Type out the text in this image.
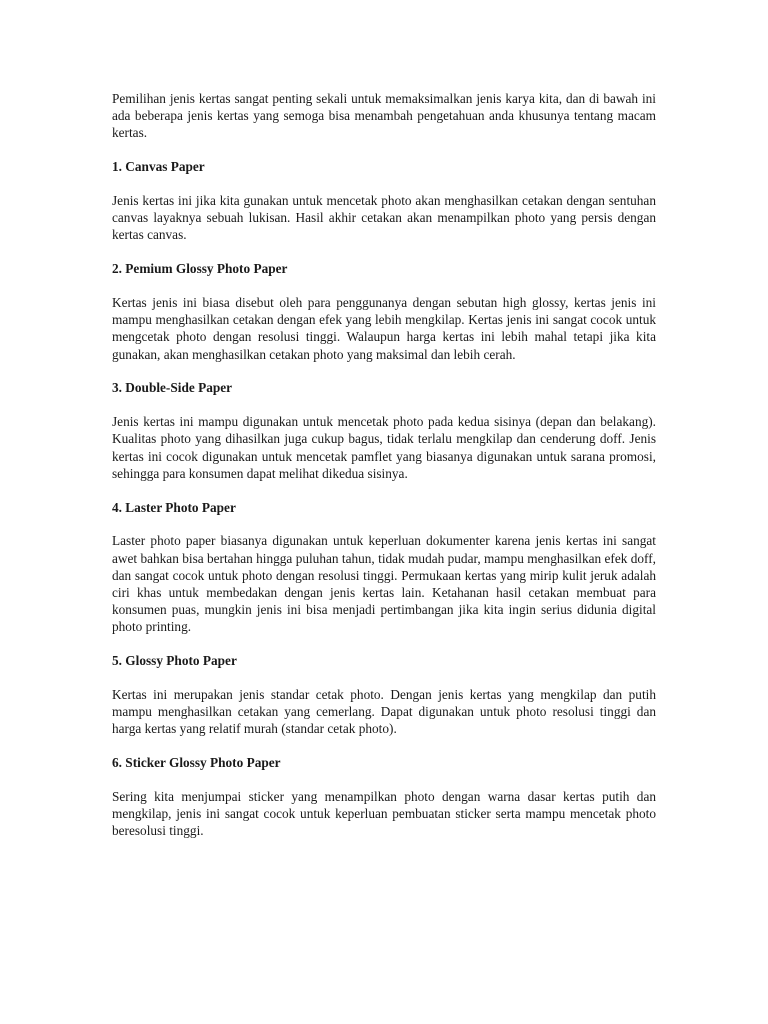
Pemilihan jenis kertas sangat penting sekali untuk memaksimalkan jenis karya kita, dan di bawah ini ada beberapa jenis kertas yang semoga bisa menambah pengetahuan anda khusunya tentang macam kertas.

1. Canvas Paper

Jenis kertas ini jika kita gunakan untuk mencetak photo akan menghasilkan cetakan dengan sentuhan canvas layaknya sebuah lukisan. Hasil akhir cetakan akan menampilkan photo yang persis dengan kertas canvas.

2. Pemium Glossy Photo Paper

Kertas jenis ini biasa disebut oleh para penggunanya dengan sebutan high glossy, kertas jenis ini mampu menghasilkan cetakan dengan efek yang lebih mengkilap. Kertas jenis ini sangat cocok untuk mengcetak photo dengan resolusi tinggi. Walaupun harga kertas ini lebih mahal tetapi jika kita gunakan, akan menghasilkan cetakan photo yang maksimal dan lebih cerah.

3. Double-Side Paper

Jenis kertas ini mampu digunakan untuk mencetak photo pada kedua sisinya (depan dan belakang). Kualitas photo yang dihasilkan juga cukup bagus, tidak terlalu mengkilap dan cenderung doff. Jenis kertas ini cocok digunakan untuk mencetak pamflet yang biasanya digunakan untuk sarana promosi, sehingga para konsumen dapat melihat dikedua sisinya.

4. Laster Photo Paper

Laster photo paper biasanya digunakan untuk keperluan dokumenter karena jenis kertas ini sangat awet bahkan bisa bertahan hingga puluhan tahun, tidak mudah pudar, mampu menghasilkan efek doff, dan sangat cocok untuk photo dengan resolusi tinggi. Permukaan kertas yang mirip kulit jeruk adalah ciri khas untuk membedakan dengan jenis kertas lain. Ketahanan hasil cetakan membuat para konsumen puas, mungkin jenis ini bisa menjadi pertimbangan jika kita ingin serius didunia digital photo printing.

5. Glossy Photo Paper

Kertas ini merupakan jenis standar cetak photo. Dengan jenis kertas yang mengkilap dan putih mampu menghasilkan cetakan yang cemerlang. Dapat digunakan untuk photo resolusi tinggi dan harga kertas yang relatif murah (standar cetak photo).

6. Sticker Glossy Photo Paper

Sering kita menjumpai sticker yang menampilkan photo dengan warna dasar kertas putih dan mengkilap, jenis ini sangat cocok untuk keperluan pembuatan sticker serta mampu mencetak photo beresolusi tinggi.
